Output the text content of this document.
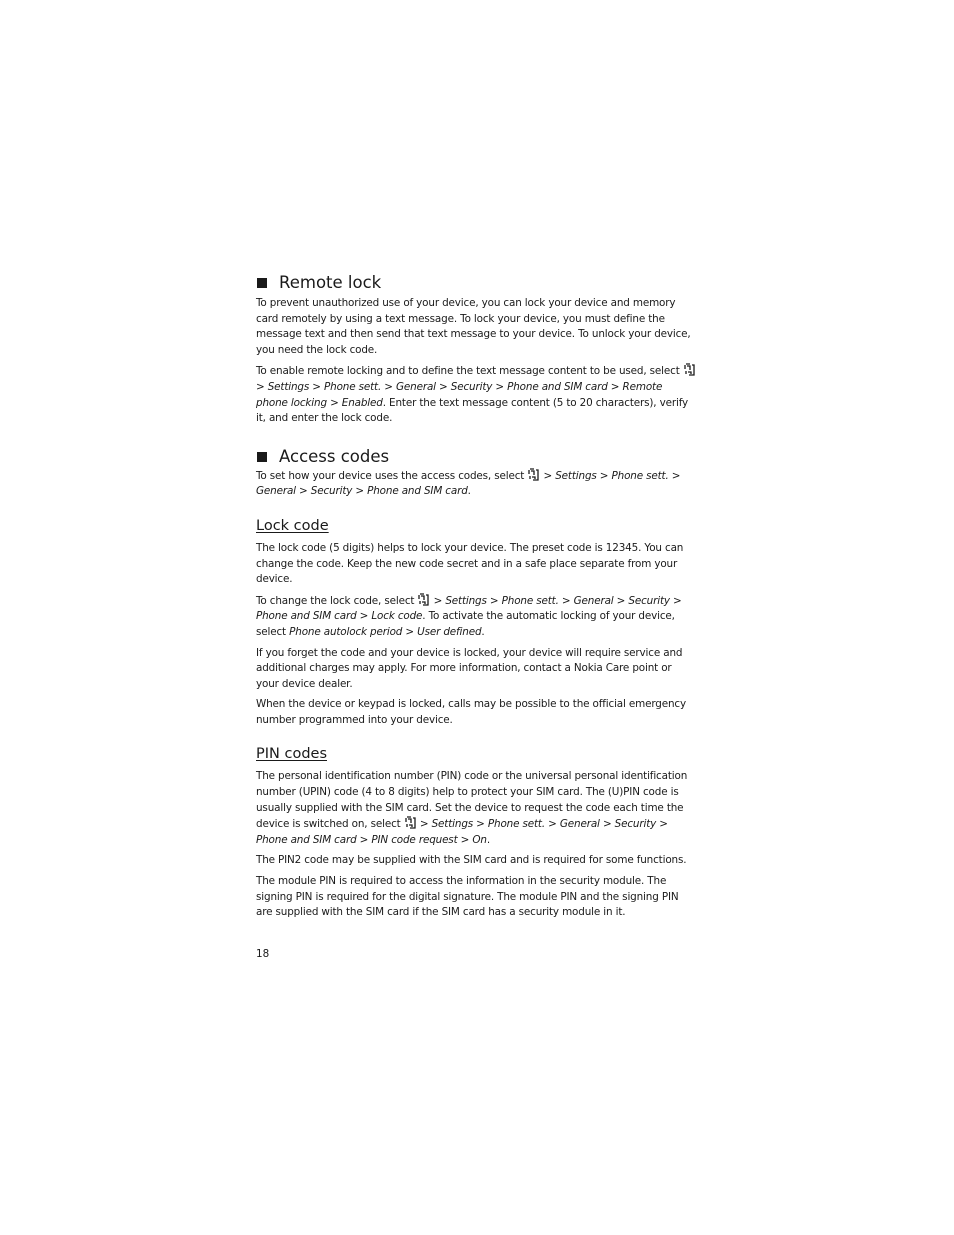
Remote lock

To prevent unauthorized use of your device, you can lock your device and memory card remotely by using a text message. To lock your device, you must define the message text and then send that text message to your device. To unlock your device, you need the lock code.

To enable remote locking and to define the text message content to be used, select  > Settings > Phone sett. > General > Security > Phone and SIM card > Remote phone locking > Enabled. Enter the text message content (5 to 20 characters), verify it, and enter the lock code.

Access codes

To set how your device uses the access codes, select  > Settings > Phone sett. > General > Security > Phone and SIM card.

Lock code

The lock code (5 digits) helps to lock your device. The preset code is 12345. You can change the code. Keep the new code secret and in a safe place separate from your device.

To change the lock code, select  > Settings > Phone sett. > General > Security > Phone and SIM card > Lock code. To activate the automatic locking of your device, select Phone autolock period > User defined.

If you forget the code and your device is locked, your device will require service and additional charges may apply. For more information, contact a Nokia Care point or your device dealer.

When the device or keypad is locked, calls may be possible to the official emergency number programmed into your device.

PIN codes

The personal identification number (PIN) code or the universal personal identification number (UPIN) code (4 to 8 digits) help to protect your SIM card. The (U)PIN code is usually supplied with the SIM card. Set the device to request the code each time the device is switched on, select  > Settings > Phone sett. > General > Security > Phone and SIM card > PIN code request > On.

The PIN2 code may be supplied with the SIM card and is required for some functions.

The module PIN is required to access the information in the security module. The signing PIN is required for the digital signature. The module PIN and the signing PIN are supplied with the SIM card if the SIM card has a security module in it.

18
